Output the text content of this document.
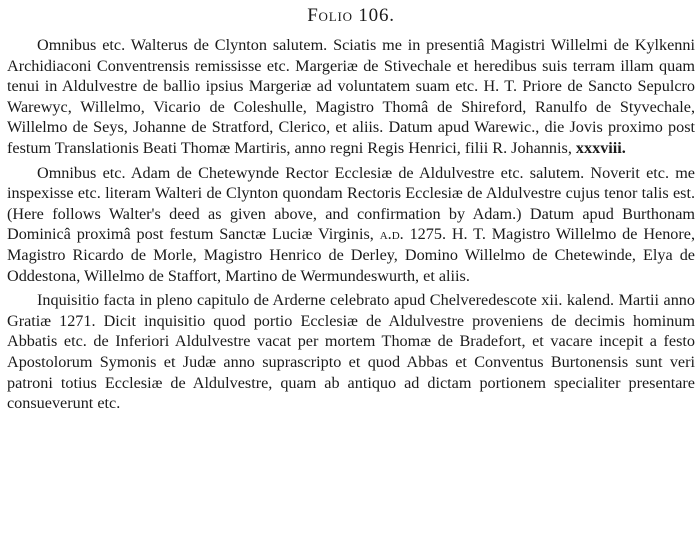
Folio 106.

Omnibus etc. Walterus de Clynton salutem. Sciatis me in presentiâ Magistri Willelmi de Kylkenni Archidiaconi Conventrensis remississe etc. Margeriæ de Stivechale et heredibus suis terram illam quam tenui in Aldulvestre de ballio ipsius Margeriæ ad voluntatem suam etc. H. T. Priore de Sancto Sepulcro Warewyc, Willelmo, Vicario de Coleshulle, Magistro Thomâ de Shireford, Ranulfo de Styvechale, Willelmo de Seys, Johanne de Stratford, Clerico, et aliis. Datum apud Warewic., die Jovis proximo post festum Translationis Beati Thomæ Martiris, anno regni Regis Henrici, filii R. Johannis, xxxviii.

Omnibus etc. Adam de Chetewynde Rector Ecclesiæ de Aldulvestre etc. salutem. Noverit etc. me inspexisse etc. literam Walteri de Clynton quondam Rectoris Ecclesiæ de Aldulvestre cujus tenor talis est. (Here follows Walter's deed as given above, and confirmation by Adam.) Datum apud Burthonam Dominicâ proximâ post festum Sanctæ Luciæ Virginis, a.d. 1275. H. T. Magistro Willelmo de Henore, Magistro Ricardo de Morle, Magistro Henrico de Derley, Domino Willelmo de Chetewinde, Elya de Oddestona, Willelmo de Staffort, Martino de Wermundeswurth, et aliis.

Inquisitio facta in pleno capitulo de Arderne celebrato apud Chelveredescote xii. kalend. Martii anno Gratiæ 1271. Dicit inquisitio quod portio Ecclesiæ de Aldulvestre proveniens de decimis hominum Abbatis etc. de Inferiori Aldulvestre vacat per mortem Thomæ de Bradefort, et vacare incepit a festo Apostolorum Symonis et Judæ anno suprascripto et quod Abbas et Conventus Burtonensis sunt veri patroni totius Ecclesiæ de Aldulvestre, quam ab antiquo ad dictam portionem specialiter presentare consueverunt etc.
